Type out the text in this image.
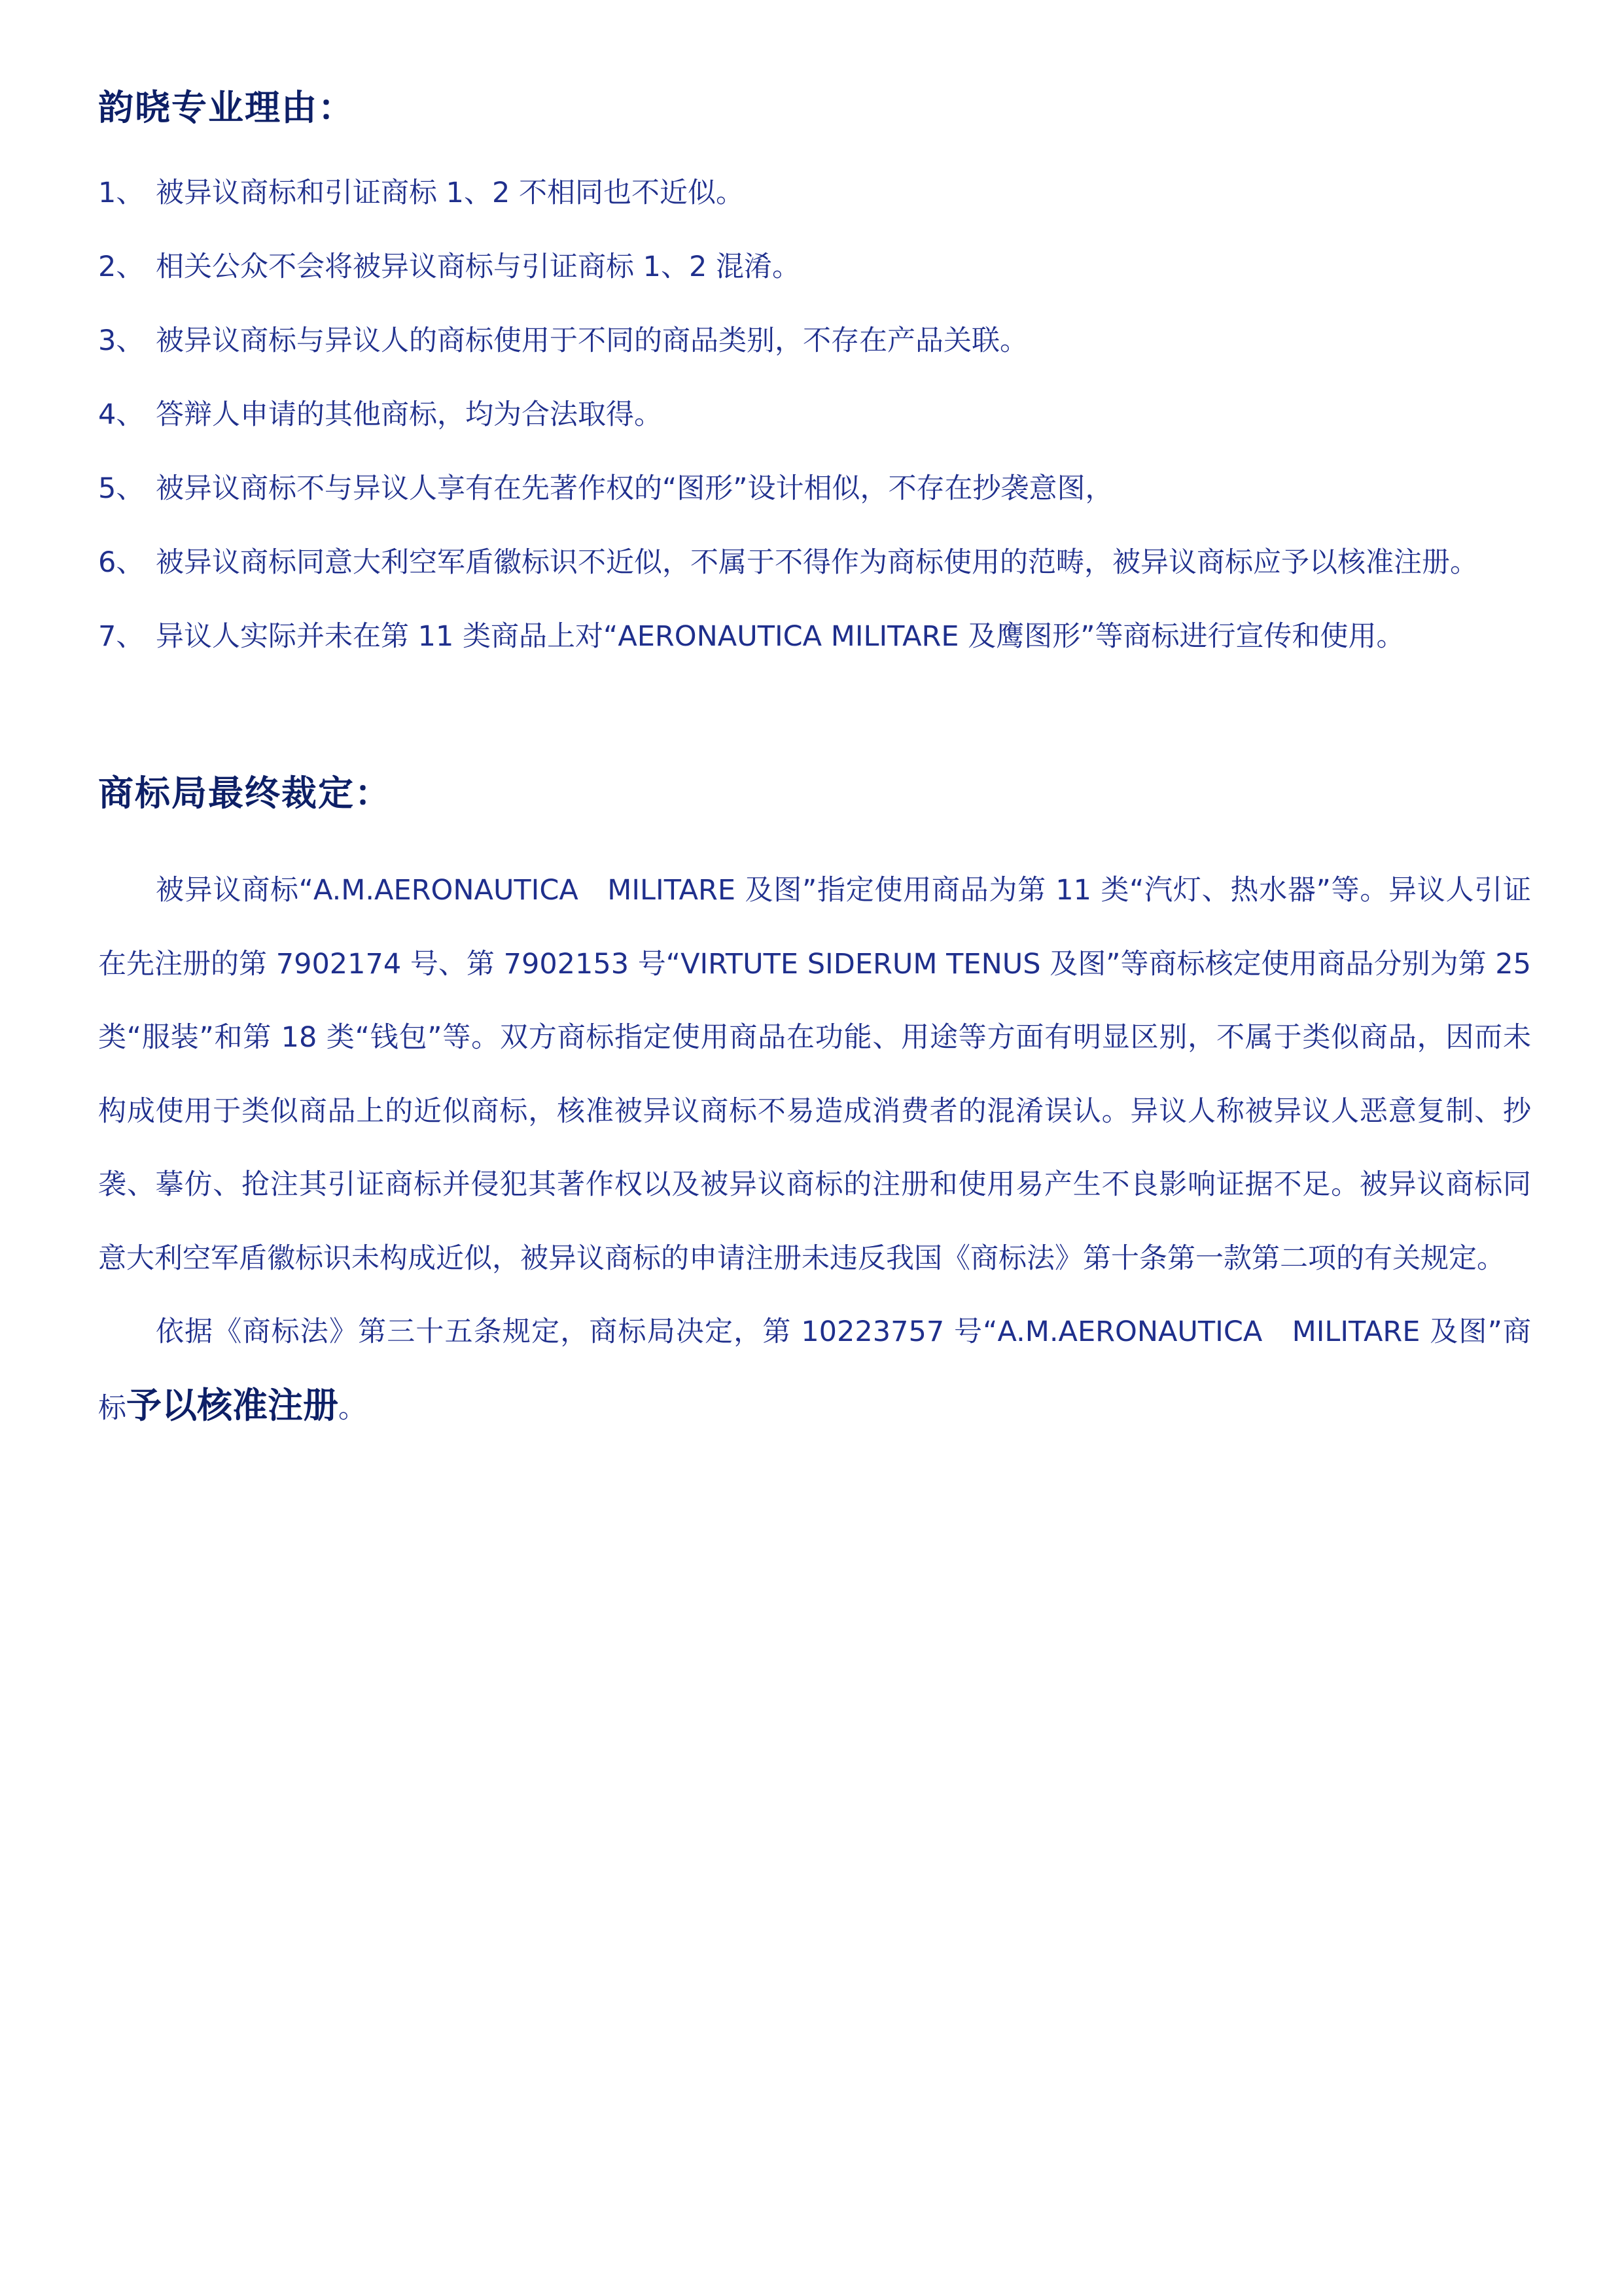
韵晓专业理由：
1、 被异议商标和引证商标 1、2 不相同也不近似。
2、 相关公众不会将被异议商标与引证商标 1、2 混淆。
3、 被异议商标与异议人的商标使用于不同的商品类别，不存在产品关联。
4、 答辩人申请的其他商标，均为合法取得。
5、 被异议商标不与异议人享有在先著作权的“图形”设计相似，不存在抄袭意图，
6、 被异议商标同意大利空军盾徽标识不近似，不属于不得作为商标使用的范畴，被异议商标应予以核准注册。
7、 异议人实际并未在第 11 类商品上对“AERONAUTICA MILITARE 及鹰图形”等商标进行宣传和使用。
商标局最终裁定：

被异议商标“A.M.AERONAUTICA　MILITARE 及图”指定使用商品为第 11 类“汽灯、热水器”等。异议人引证在先注册的第 7902174 号、第 7902153 号“VIRTUTE SIDERUM TENUS 及图”等商标核定使用商品分别为第 25 类“服装”和第 18 类“钱包”等。双方商标指定使用商品在功能、用途等方面有明显区别，不属于类似商品，因而未构成使用于类似商品上的近似商标，核准被异议商标不易造成消费者的混淆误认。异议人称被异议人恶意复制、抄袭、摹仿、抢注其引证商标并侵犯其著作权以及被异议商标的注册和使用易产生不良影响证据不足。被异议商标同意大利空军盾徽标识未构成近似，被异议商标的申请注册未违反我国《商标法》第十条第一款第二项的有关规定。

依据《商标法》第三十五条规定，商标局决定，第 10223757 号“A.M.AERONAUTICA　MILITARE 及图”商标予以核准注册。
